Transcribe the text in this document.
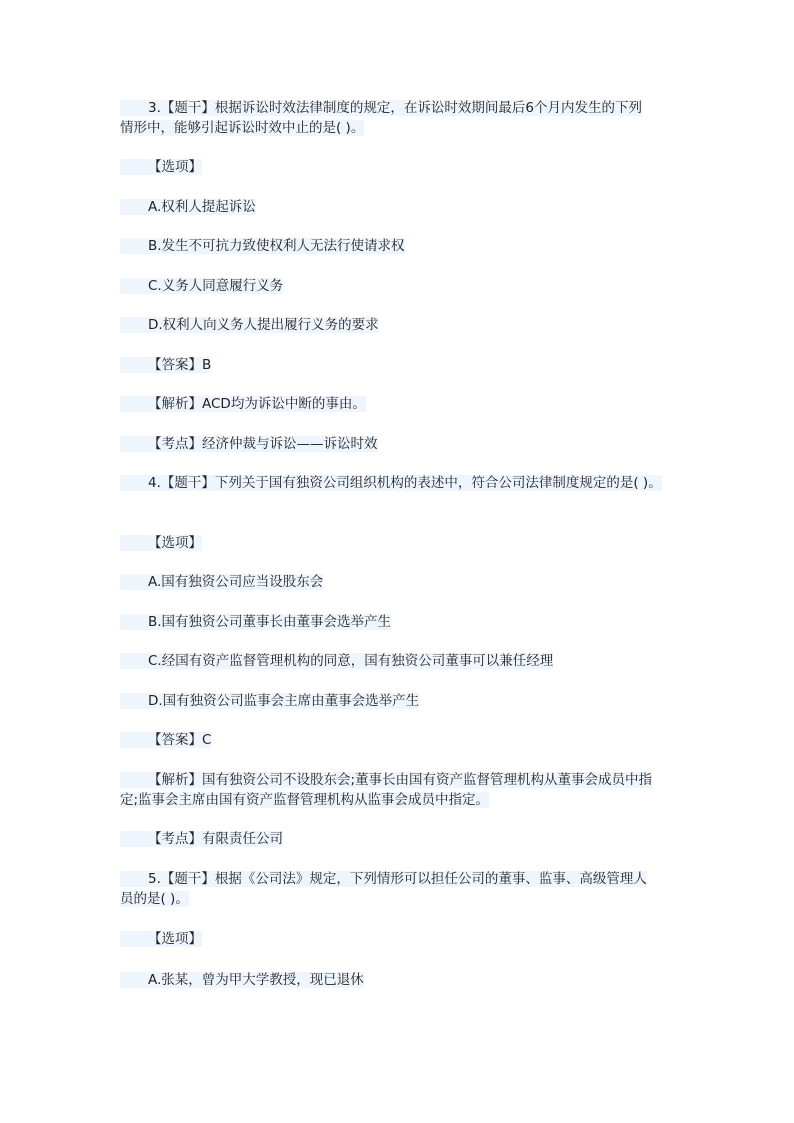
3.【题干】根据诉讼时效法律制度的规定，在诉讼时效期间最后6个月内发生的下列
情形中，能够引起诉讼时效中止的是( )。
【选项】
A.权利人提起诉讼
B.发生不可抗力致使权利人无法行使请求权
C.义务人同意履行义务
D.权利人向义务人提出履行义务的要求
【答案】B
【解析】ACD均为诉讼中断的事由。
【考点】经济仲裁与诉讼——诉讼时效
4.【题干】下列关于国有独资公司组织机构的表述中，符合公司法律制度规定的是( )。
【选项】
A.国有独资公司应当设股东会
B.国有独资公司董事长由董事会选举产生
C.经国有资产监督管理机构的同意，国有独资公司董事可以兼任经理
D.国有独资公司监事会主席由董事会选举产生
【答案】C
【解析】国有独资公司不设股东会;董事长由国有资产监督管理机构从董事会成员中指
定;监事会主席由国有资产监督管理机构从监事会成员中指定。
【考点】有限责任公司
5.【题干】根据《公司法》规定，下列情形可以担任公司的董事、监事、高级管理人
员的是( )。
【选项】
A.张某，曾为甲大学教授，现已退休
